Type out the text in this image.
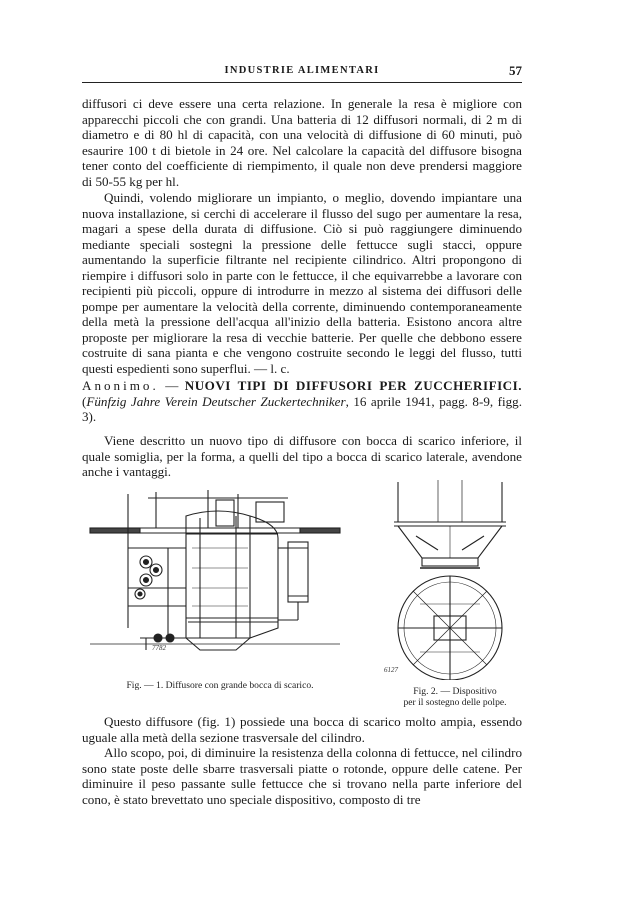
INDUSTRIE ALIMENTARI	57

diffusori ci deve essere una certa relazione. In generale la resa è migliore con apparecchi piccoli che con grandi. Una batteria di 12 diffusori normali, di 2 m di diametro e di 80 hl di capacità, con una velocità di diffusione di 60 minuti, può esaurire 100 t di bietole in 24 ore. Nel calcolare la capacità del diffusore bisogna tener conto del coefficiente di riempimento, il quale non deve prendersi maggiore di 50-55 kg per hl.

Quindi, volendo migliorare un impianto, o meglio, dovendo impiantare una nuova installazione, si cerchi di accelerare il flusso del sugo per aumentare la resa, magari a spese della durata di diffusione. Ciò si può raggiungere diminuendo mediante speciali sostegni la pressione delle fettucce sugli stacci, oppure aumentando la superficie filtrante nel recipiente cilindrico. Altri propongono di riempire i diffusori solo in parte con le fettucce, il che equivarrebbe a lavorare con recipienti più piccoli, oppure di introdurre in mezzo al sistema dei diffusori delle pompe per aumentare la velocità della corrente, diminuendo contemporaneamente della metà la pressione dell'acqua all'inizio della batteria. Esistono ancora altre proposte per migliorare la resa di vecchie batterie. Per quelle che debbono essere costruite di sana pianta e che vengono costruite secondo le leggi del flusso, tutti questi espedienti sono superflui. — l. c.

Anonimo. — NUOVI TIPI DI DIFFUSORI PER ZUCCHERIFICI. (Fünfzig Jahre Verein Deutscher Zuckertechniker, 16 aprile 1941, pagg. 8-9, figg. 3).

Viene descritto un nuovo tipo di diffusore con bocca di scarico inferiore, il quale somiglia, per la forma, a quelli del tipo a bocca di scarico laterale, avendone anche i vantaggi.

7782
Fig. — 1. Diffusore con grande bocca di scarico.
6127
Fig. 2. — Dispositivo
per il sostegno delle polpe.

Questo diffusore (fig. 1) possiede una bocca di scarico molto ampia, essendo uguale alla metà della sezione trasversale del cilindro.

Allo scopo, poi, di diminuire la resistenza della colonna di fettucce, nel cilindro sono state poste delle sbarre trasversali piatte o rotonde, oppure delle catene. Per diminuire il peso passante sulle fettucce che si trovano nella parte inferiore del cono, è stato brevettato uno speciale dispositivo, composto di tre
